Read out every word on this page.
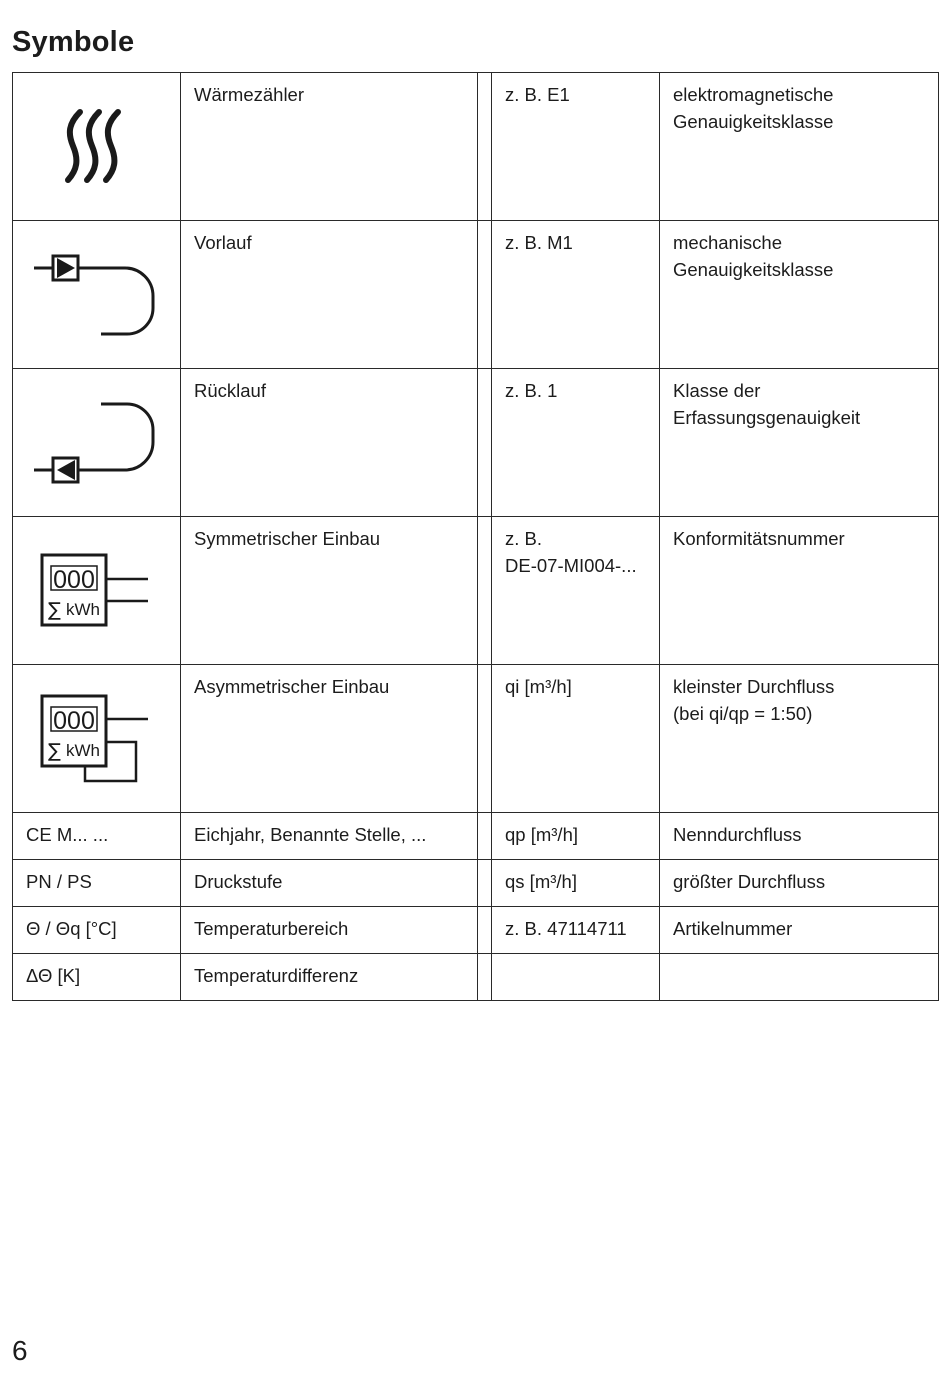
Symbole

	Wärmezähler		z. B. E1	elektromagnetische
Genauigkeitsklasse

	Vorlauf		z. B. M1	mechanische
Genauigkeitsklasse

	Rücklauf		z. B. 1	Klasse der
Erfassungsgenauigkeit

000
∑ kWh	Symmetrischer Einbau		z. B.
DE-07-MI004-...	Konformitätsnummer

000
∑ kWh	Asymmetrischer Einbau		qi [m³/h]	kleinster Durchfluss
(bei qi/qp = 1:50)
CE M... ...	Eichjahr, Benannte Stelle, ...		qp [m³/h]	Nenndurchfluss
PN / PS	Druckstufe		qs [m³/h]	größter Durchfluss
Θ / Θq [°C]	Temperaturbereich		z. B. 47114711	Artikelnummer
ΔΘ [K]	Temperaturdifferenz			
6
